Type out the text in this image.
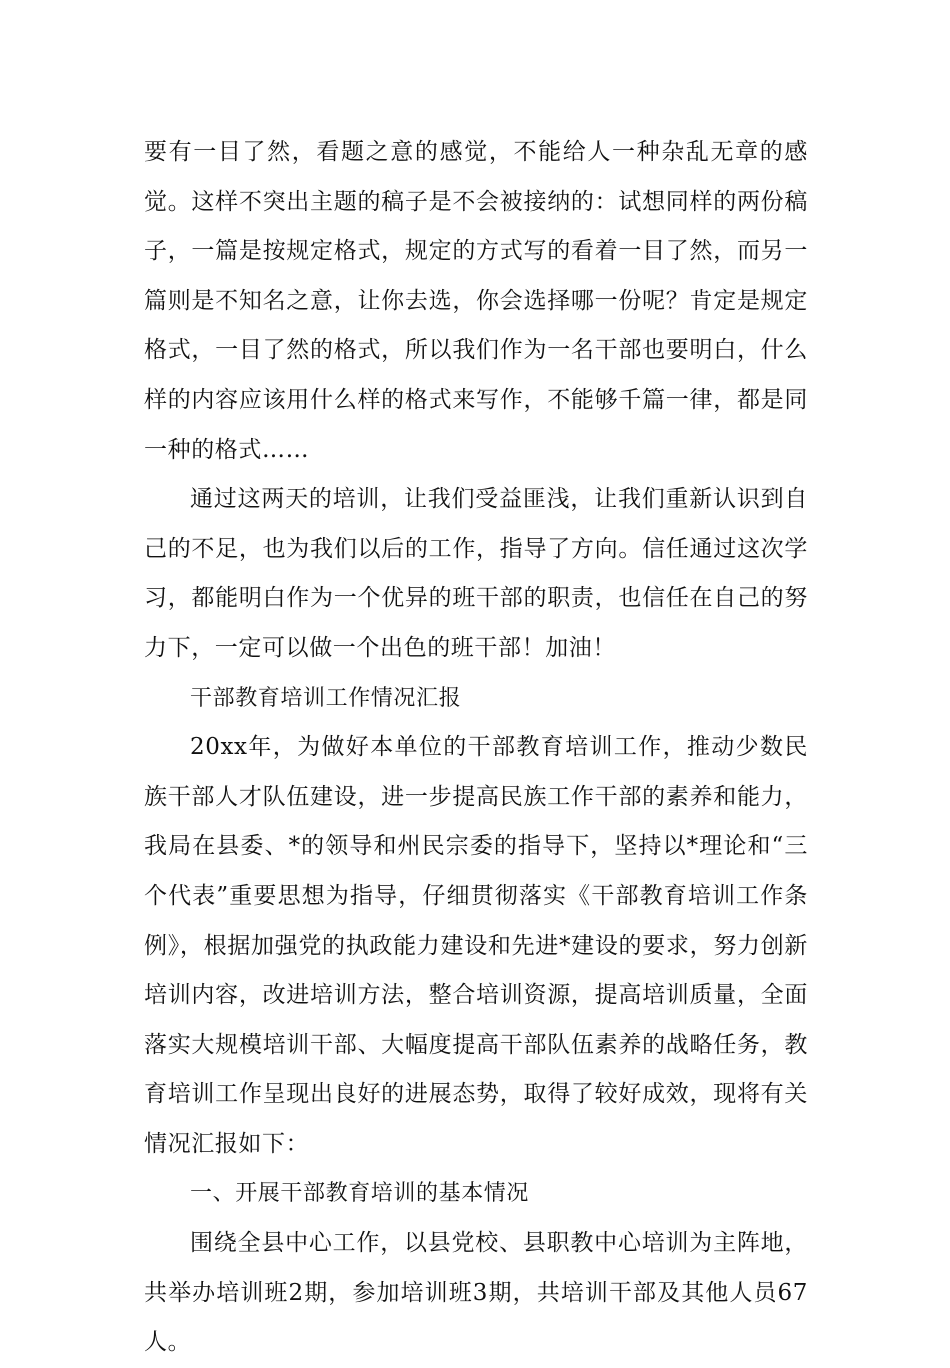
要有一目了然，看题之意的感觉，不能给人一种杂乱无章的感觉。这样不突出主题的稿子是不会被接纳的：试想同样的两份稿子，一篇是按规定格式，规定的方式写的看着一目了然，而另一篇则是不知名之意，让你去选，你会选择哪一份呢？肯定是规定格式，一目了然的格式，所以我们作为一名干部也要明白，什么样的内容应该用什么样的格式来写作，不能够千篇一律，都是同一种的格式……

通过这两天的培训，让我们受益匪浅，让我们重新认识到自己的不足，也为我们以后的工作，指导了方向。信任通过这次学习，都能明白作为一个优异的班干部的职责，也信任在自己的努力下，一定可以做一个出色的班干部！加油！

干部教育培训工作情况汇报

20xx年，为做好本单位的干部教育培训工作，推动少数民族干部人才队伍建设，进一步提高民族工作干部的素养和能力，我局在县委、*的领导和州民宗委的指导下，坚持以*理论和“三个代表”重要思想为指导，仔细贯彻落实《干部教育培训工作条例》，根据加强党的执政能力建设和先进*建设的要求，努力创新培训内容，改进培训方法，整合培训资源，提高培训质量，全面落实大规模培训干部、大幅度提高干部队伍素养的战略任务，教育培训工作呈现出良好的进展态势，取得了较好成效，现将有关情况汇报如下：

一、开展干部教育培训的基本情况

围绕全县中心工作，以县党校、县职教中心培训为主阵地，共举办培训班2期，参加培训班3期，共培训干部及其他人员67人。
